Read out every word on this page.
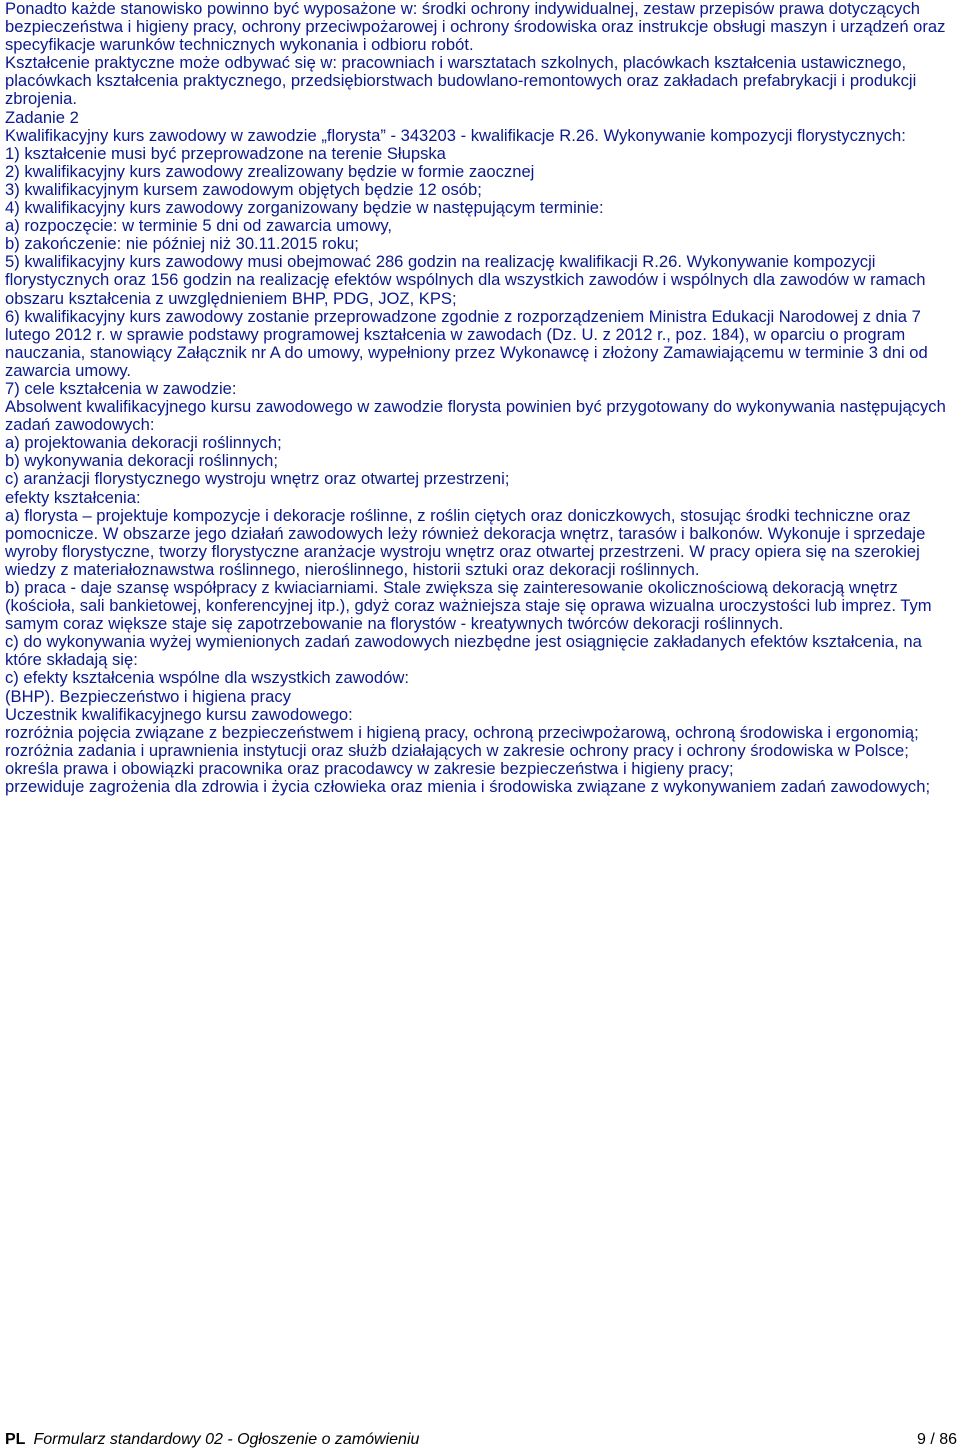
Ponadto każde stanowisko powinno być wyposażone w: środki ochrony indywidualnej, zestaw przepisów prawa dotyczących bezpieczeństwa i higieny pracy, ochrony przeciwpożarowej i ochrony środowiska oraz instrukcje obsługi maszyn i urządzeń oraz specyfikacje warunków technicznych wykonania i odbioru robót.

Kształcenie praktyczne może odbywać się w: pracowniach i warsztatach szkolnych, placówkach kształcenia ustawicznego, placówkach kształcenia praktycznego, przedsiębiorstwach budowlano-remontowych oraz zakładach prefabrykacji i produkcji zbrojenia.

Zadanie 2

Kwalifikacyjny kurs zawodowy w zawodzie „florysta” - 343203 - kwalifikacje R.26. Wykonywanie kompozycji florystycznych:

1) kształcenie musi być przeprowadzone na terenie Słupska

2) kwalifikacyjny kurs zawodowy zrealizowany będzie w formie zaocznej

3) kwalifikacyjnym kursem zawodowym objętych będzie 12 osób;

4) kwalifikacyjny kurs zawodowy zorganizowany będzie w następującym terminie:

a) rozpoczęcie: w terminie 5 dni od zawarcia umowy,

b) zakończenie: nie później niż 30.11.2015 roku;

5) kwalifikacyjny kurs zawodowy musi obejmować 286 godzin na realizację kwalifikacji R.26. Wykonywanie kompozycji florystycznych oraz 156 godzin na realizację efektów wspólnych dla wszystkich zawodów i wspólnych dla zawodów w ramach obszaru kształcenia z uwzględnieniem BHP, PDG, JOZ, KPS;

6) kwalifikacyjny kurs zawodowy zostanie przeprowadzone zgodnie z rozporządzeniem Ministra Edukacji Narodowej z dnia 7 lutego 2012 r. w sprawie podstawy programowej kształcenia w zawodach (Dz. U. z 2012 r., poz. 184), w oparciu o program nauczania, stanowiący Załącznik nr A do umowy, wypełniony przez Wykonawcę i złożony Zamawiającemu w terminie 3 dni od zawarcia umowy.

7) cele kształcenia w zawodzie:

Absolwent kwalifikacyjnego kursu zawodowego w zawodzie florysta powinien być przygotowany do wykonywania następujących zadań zawodowych:

a) projektowania dekoracji roślinnych;

b) wykonywania dekoracji roślinnych;

c) aranżacji florystycznego wystroju wnętrz oraz otwartej przestrzeni;

efekty kształcenia:

a) florysta – projektuje kompozycje i dekoracje roślinne, z roślin ciętych oraz doniczkowych, stosując środki techniczne oraz pomocnicze. W obszarze jego działań zawodowych leży również dekoracja wnętrz, tarasów i balkonów. Wykonuje i sprzedaje wyroby florystyczne, tworzy florystyczne aranżacje wystroju wnętrz oraz otwartej przestrzeni. W pracy opiera się na szerokiej wiedzy z materiałoznawstwa roślinnego, nieroślinnego, historii sztuki oraz dekoracji roślinnych.

b) praca - daje szansę współpracy z kwiaciarniami. Stale zwiększa się zainteresowanie okolicznościową dekoracją wnętrz (kościoła, sali bankietowej, konferencyjnej itp.), gdyż coraz ważniejsza staje się oprawa wizualna uroczystości lub imprez. Tym samym coraz większe staje się zapotrzebowanie na florystów - kreatywnych twórców dekoracji roślinnych.

c) do wykonywania wyżej wymienionych zadań zawodowych niezbędne jest osiągnięcie zakładanych efektów kształcenia, na które składają się:

c) efekty kształcenia wspólne dla wszystkich zawodów:

(BHP). Bezpieczeństwo i higiena pracy

Uczestnik kwalifikacyjnego kursu zawodowego:

rozróżnia pojęcia związane z bezpieczeństwem i higieną pracy, ochroną przeciwpożarową, ochroną środowiska i ergonomią;

rozróżnia zadania i uprawnienia instytucji oraz służb działających w zakresie ochrony pracy i ochrony środowiska w Polsce;

określa prawa i obowiązki pracownika oraz pracodawcy w zakresie bezpieczeństwa i higieny pracy;

przewiduje zagrożenia dla zdrowia i życia człowieka oraz mienia i środowiska związane z wykonywaniem zadań zawodowych;

PL Formularz standardowy 02 - Ogłoszenie o zamówieniu	9 / 86
